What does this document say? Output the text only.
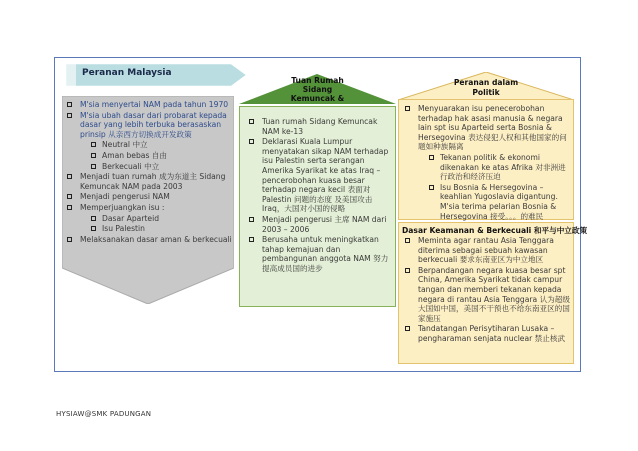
Peranan Malaysia
M'sia menyertai NAM pada tahun 1970
M'sia ubah dasar dari probarat kepada dasar yang lebih terbuka berasaskan prinsip 从亲西方切换成开发政策
Neutral 中立
Aman bebas 自由
Berkecuali 中立
Menjadi tuan rumah 成为东道主 Sidang Kemuncak NAM pada 2003
Menjadi pengerusi NAM
Memperjuangkan isu :
Dasar Aparteid
Isu Palestin
Melaksanakan dasar aman & berkecuali
Tuan Rumah
Sidang
Kemuncak &
Tuan rumah Sidang Kemuncak NAM ke-13
Deklarasi Kuala Lumpur menyatakan sikap NAM terhadap isu Palestin serta serangan Amerika Syarikat ke atas Iraq – pencerobohan kuasa besar terhadap negara kecil 表面对 Palestin 问题的态度 及美国攻击 Iraq，大国对小国的侵略
Menjadi pengerusi 主席 NAM dari 2003 – 2006
Berusaha untuk meningkatkan tahap kemajuan dan pembangunan anggota NAM 努力提高成员国的进步
Peranan dalam
Politik
Menyuarakan isu penecerobohan terhadap hak asasi manusia & negara lain spt isu Aparteid serta Bosnia & Hersegovina 表达侵犯人权和其他国家的问题如种族隔离
Tekanan politik & ekonomi dikenakan ke atas Afrika 对非洲进行政治和经济压迫
Isu Bosnia & Hersegovina – keahlian Yugoslavia digantung. M'sia terima pelarian Bosnia & Hersegovina 接受。。。的难民
Dasar Keamanan & Berkecuali 和平与中立政策
Meminta agar rantau Asia Tenggara diterima sebagai sebuah kawasan berkecuali 要求东南亚区为中立地区
Berpandangan negara kuasa besar spt China, Amerika Syarikat tidak campur tangan dan memberi tekanan kepada negara di rantau Asia Tenggara 认为超级大国如中国，美国不干预也不给东南亚区的国家施压
Tandatangan Perisytiharan Lusaka – pengharaman senjata nuclear 禁止核武
HYSIAW@SMK PADUNGAN
